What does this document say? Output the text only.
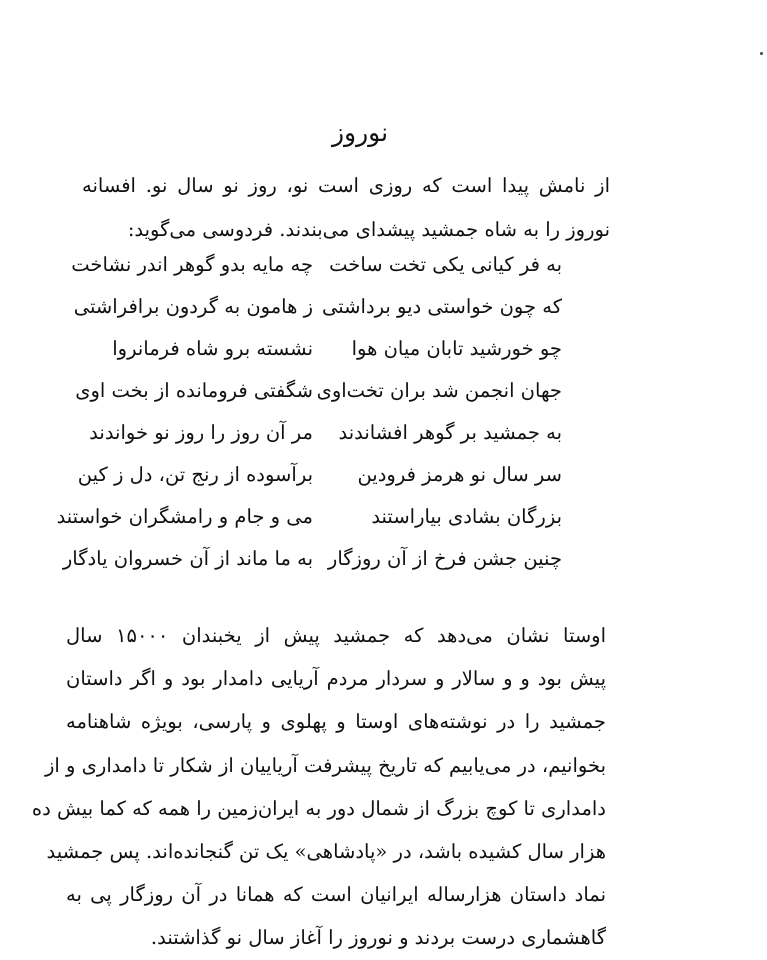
نوروز
از نامش پیدا است که روزی است نو، روز نو سال نو. افسانه
نوروز را به شاه جمشید پیشدای می‌بندند. فردوسی می‌گوید:
به فر کیانی یکی تخت ساخت
چه مایه بدو گوهر اندر نشاخت
که چون خواستی دیو برداشتی
ز هامون به گردون برافراشتی
چو خورشید تابان میان هوا
نشسته برو شاه فرمانروا
جهان انجمن شد بران تخت‌اوی
شگفتی فرومانده از بخت اوی
به جمشید بر گوهر افشاندند
مر آن روز را روز نو خواندند
سر سال نو هرمز فرودین
برآسوده از رنج تن، دل ز کین
بزرگان بشادی بیاراستند
می و جام و رامشگران خواستند
چنین جشن فرخ از آن روزگار
به ما ماند از آن خسروان یادگار
اوستا نشان می‌دهد که جمشید پیش از یخبندان ۱۵۰۰۰ سال
پیش بود و و سالار و سردار مردم آریایی دامدار بود و اگر داستان
جمشید را در نوشته‌های اوستا و پهلوی و پارسی، بویژه شاهنامه
بخوانیم، در می‌یابیم که تاریخ پیشرفت آریاییان از شکار تا دامداری و از
دامداری تا کوچ بزرگ از شمال دور به ایران‌زمین را همه که کما بیش ده
هزار سال کشیده باشد، در «پادشاهی» یک تن گنجانده‌اند. پس جمشید
نماد داستان هزارساله ایرانیان است که همانا در آن روزگار پی به
گاهشماری درست بردند و نوروز را آغاز سال نو گذاشتند.
